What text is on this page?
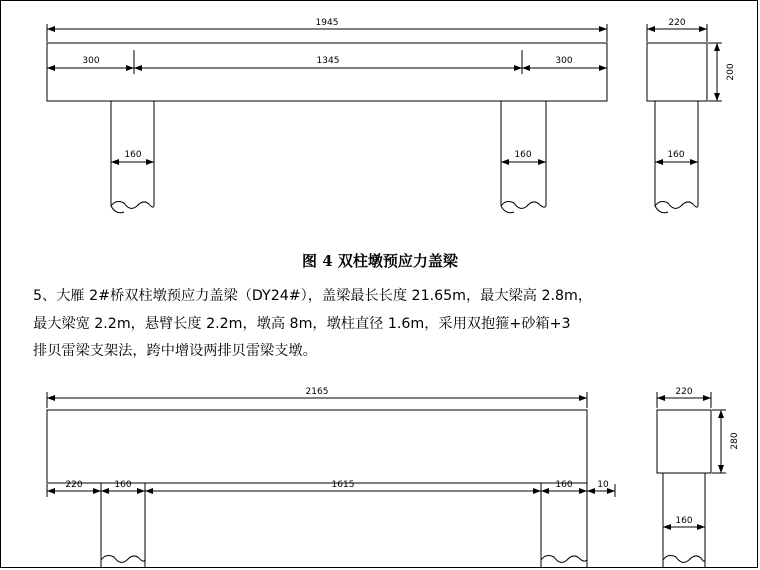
1945
300	1345	300
160	160
220
200
160
2165
220	160	1615	160	10
220
280
160
图 4 双柱墩预应力盖梁
5、大雁 2#桥双柱墩预应力盖梁（DY24#），盖梁最长长度 21.65m，最大梁高 2.8m，
最大梁宽 2.2m，悬臂长度 2.2m，墩高 8m，墩柱直径 1.6m，采用双抱箍+砂箱+3
排贝雷梁支架法，跨中增设两排贝雷梁支墩。
